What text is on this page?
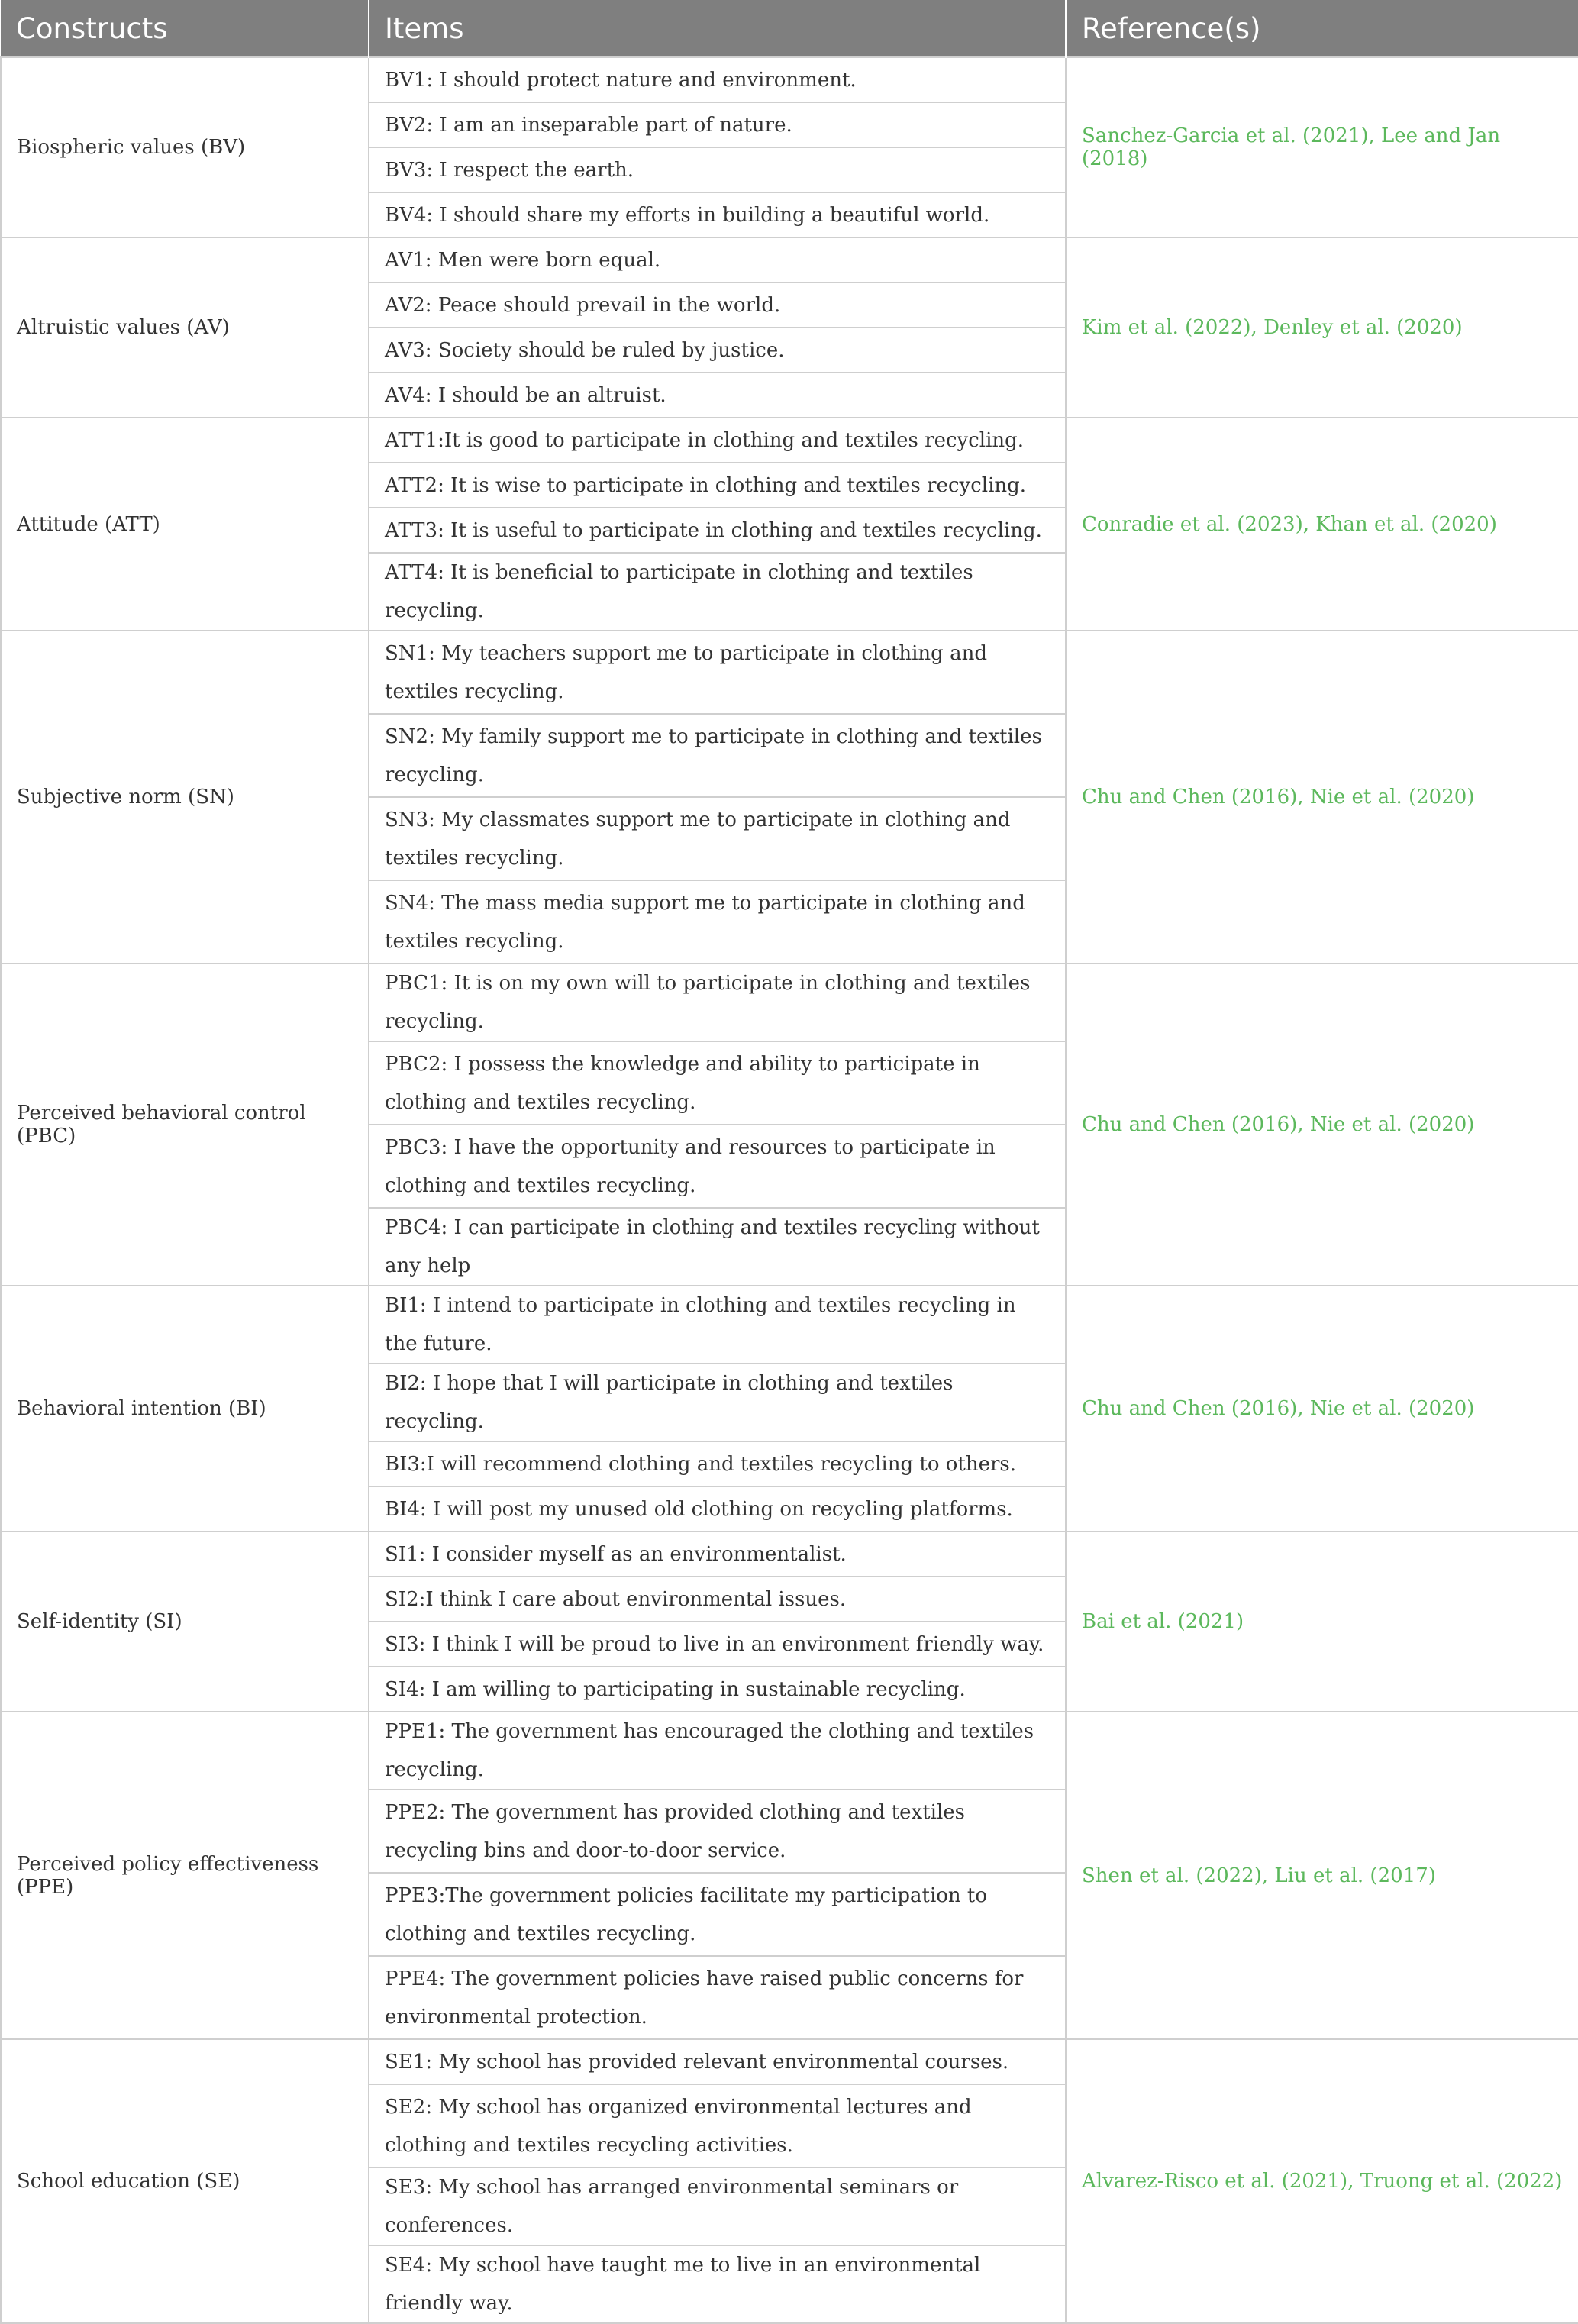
Constructs	Items	Reference(s)
Biospheric values (BV)	BV1: I should protect nature and environment.	Sanchez-Garcia et al. (2021), Lee and Jan (2018)
	BV2: I am an inseparable part of nature.	
	BV3: I respect the earth.	
	BV4: I should share my efforts in building a beautiful world.	
Altruistic values (AV)	AV1: Men were born equal.	Kim et al. (2022), Denley et al. (2020)
	AV2: Peace should prevail in the world.	
	AV3: Society should be ruled by justice.	
	AV4: I should be an altruist.	
Attitude (ATT)	ATT1:It is good to participate in clothing and textiles recycling.	Conradie et al. (2023), Khan et al. (2020)
	ATT2: It is wise to participate in clothing and textiles recycling.	
	ATT3: It is useful to participate in clothing and textiles recycling.	
	ATT4: It is beneficial to participate in clothing and textiles recycling.	
Subjective norm (SN)	SN1: My teachers support me to participate in clothing and textiles recycling.	Chu and Chen (2016), Nie et al. (2020)
	SN2: My family support me to participate in clothing and textiles recycling.	
	SN3: My classmates support me to participate in clothing and textiles recycling.	
	SN4: The mass media support me to participate in clothing and textiles recycling.	
Perceived behavioral control (PBC)	PBC1: It is on my own will to participate in clothing and textiles recycling.	Chu and Chen (2016), Nie et al. (2020)
	PBC2: I possess the knowledge and ability to participate in clothing and textiles recycling.	
	PBC3: I have the opportunity and resources to participate in clothing and textiles recycling.	
	PBC4: I can participate in clothing and textiles recycling without any help	
Behavioral intention (BI)	BI1: I intend to participate in clothing and textiles recycling in the future.	Chu and Chen (2016), Nie et al. (2020)
	BI2: I hope that I will participate in clothing and textiles recycling.	
	BI3:I will recommend clothing and textiles recycling to others.	
	BI4: I will post my unused old clothing on recycling platforms.	
Self-identity (SI)	SI1: I consider myself as an environmentalist.	Bai et al. (2021)
	SI2:I think I care about environmental issues.	
	SI3: I think I will be proud to live in an environment friendly way.	
	SI4: I am willing to participating in sustainable recycling.	
Perceived policy effectiveness (PPE)	PPE1: The government has encouraged the clothing and textiles recycling.	Shen et al. (2022), Liu et al. (2017)
	PPE2: The government has provided clothing and textiles recycling bins and door-to-door service.	
	PPE3:The government policies facilitate my participation to clothing and textiles recycling.	
	PPE4: The government policies have raised public concerns for environmental protection.	
School education (SE)	SE1: My school has provided relevant environmental courses.	Alvarez-Risco et al. (2021), Truong et al. (2022)
	SE2: My school has organized environmental lectures and clothing and textiles recycling activities.	
	SE3: My school has arranged environmental seminars or conferences.	
	SE4: My school have taught me to live in an environmental friendly way.	
